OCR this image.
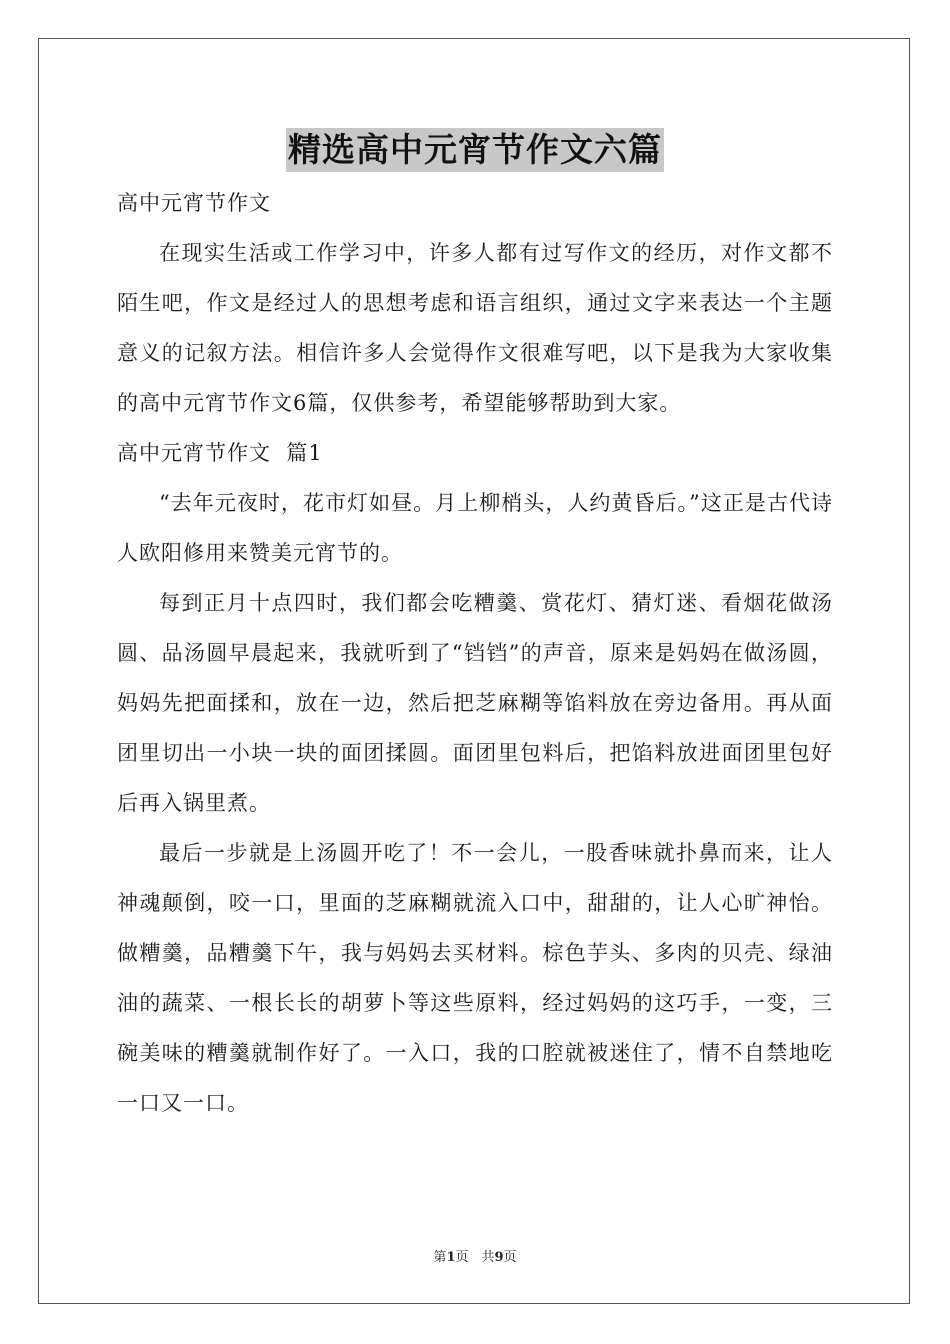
精选高中元宵节作文六篇

高中元宵节作文

在现实生活或工作学习中，许多人都有过写作文的经历，对作文都不陌生吧，作文是经过人的思想考虑和语言组织，通过文字来表达一个主题意义的记叙方法。相信许多人会觉得作文很难写吧，以下是我为大家收集的高中元宵节作文6篇，仅供参考，希望能够帮助到大家。

高中元宵节作文  篇1

“去年元夜时，花市灯如昼。月上柳梢头，人约黄昏后。”这正是古代诗人欧阳修用来赞美元宵节的。

每到正月十点四时，我们都会吃糟羹、赏花灯、猜灯迷、看烟花做汤圆、品汤圆早晨起来，我就听到了“铛铛”的声音，原来是妈妈在做汤圆，妈妈先把面揉和，放在一边，然后把芝麻糊等馅料放在旁边备用。再从面团里切出一小块一块的面团揉圆。面团里包料后，把馅料放进面团里包好后再入锅里煮。

最后一步就是上汤圆开吃了！不一会儿，一股香味就扑鼻而来，让人神魂颠倒，咬一口，里面的芝麻糊就流入口中，甜甜的，让人心旷神怡。做糟羹，品糟羹下午，我与妈妈去买材料。棕色芋头、多肉的贝壳、绿油油的蔬菜、一根长长的胡萝卜等这些原料，经过妈妈的这巧手，一变，三碗美味的糟羹就制作好了。一入口，我的口腔就被迷住了，情不自禁地吃一口又一口。

第1页　共9页
